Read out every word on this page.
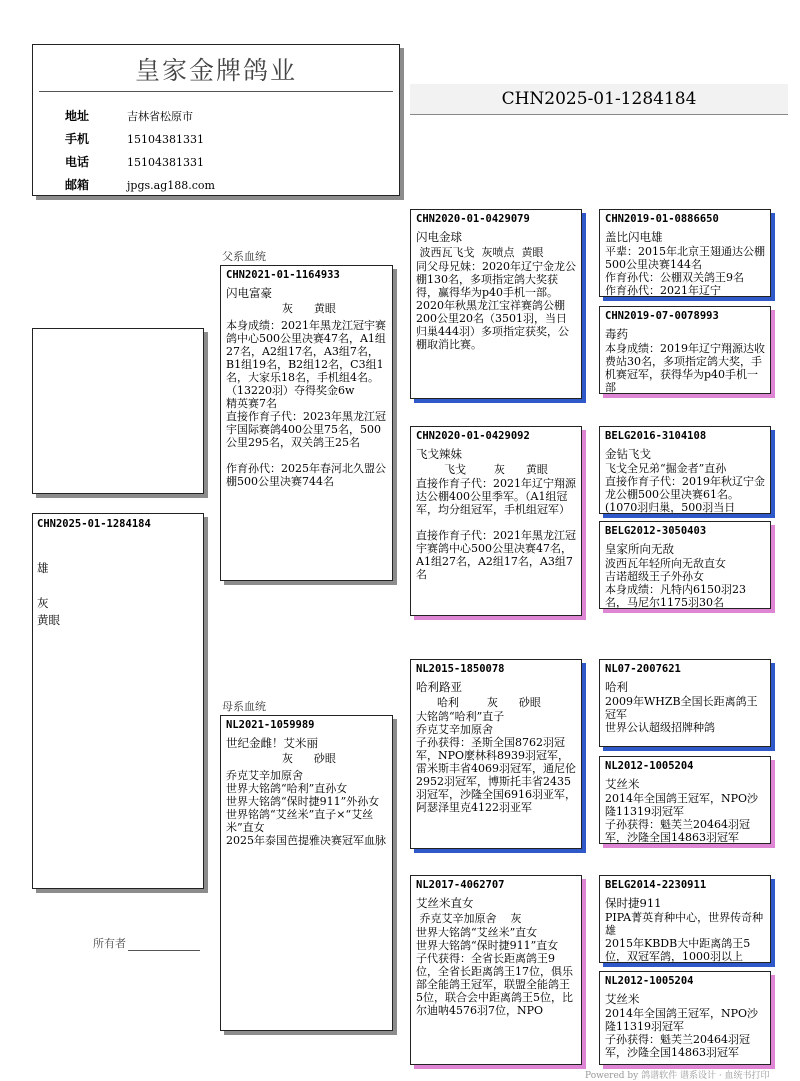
皇家金牌鸽业
地址	吉林省松原市
手机	15104381331
电话	15104381331
邮箱	jpgs.ag188.com
CHN2025-01-1284184
CHN2025-01-1284184
雄
灰
黄眼
父系血统
母系血统
CHN2021-01-1164933
闪电富豪
灰      黄眼
本身成绩：2021年黑龙江冠宇赛鸽中心500公里决赛47名，A1组27名，A2组17名，A3组7名，B1组19名，B2组12名，C3组1名，大家乐18名，手机组4名。（13220羽）夺得奖金6w
精英赛7名
直接作育子代：2023年黑龙江冠宇国际赛鸽400公里75名，500公里295名，双关鸽王25名

作育孙代：2025年春河北久盟公棚500公里决赛744名
NL2021-1059989
世纪金雌！艾米丽
灰      砂眼
乔克艾辛加原舍
世界大铭鸽“哈利”直孙女
世界大铭鸽“保时捷911”外孙女
世界铭鸽“艾丝米”直子×“艾丝米”直女
2025年泰国芭提雅决赛冠军血脉
CHN2020-01-0429079
闪电金球
波西瓦飞戈  灰喷点  黄眼
同父母兄妹：2020年辽宁金龙公棚130名，多项指定鸽大奖获得，赢得华为p40手机一部。
2020年秋黑龙江宝祥赛鸽公棚200公里20名（3501羽，当日归巢444羽）多项指定获奖，公棚取消比赛。
CHN2020-01-0429092
飞戈辣妹
飞戈        灰      黄眼
直接作育子代：2021年辽宁翔源达公棚400公里季军。（A1组冠军，均分组冠军，手机组冠军）

直接作育子代：2021年黑龙江冠宇赛鸽中心500公里决赛47名，A1组27名，A2组17名，A3组7名
NL2015-1850078
哈利路亚
哈利        灰      砂眼
大铭鸽“哈利”直子
乔克艾辛加原舍
子孙获得：圣斯全国8762羽冠军，NPO麼林科8939羽冠军，雷米斯丰省4069羽冠军，通尼伦2952羽冠军，博斯托丰省2435羽冠军，沙隆全国6916羽亚军，阿瑟泽里克4122羽亚军
NL2017-4062707
艾丝米直女
乔克艾辛加原舍    灰
世界大铭鸽“艾丝米”直女
世界大铭鸽“保时捷911”直女
子代获得：全省长距离鸽王9位，全省长距离鸽王17位，俱乐部全能鸽王冠军，联盟全能鸽王5位，联合会中距离鸽王5位，比尔迪呐4576羽7位，NPO
CHN2019-01-0886650
盖比闪电雄
平辈：2015年北京王翅通达公棚500公里决赛144名
作育孙代：公棚双关鸽王9名
作育孙代：2021年辽宁
CHN2019-07-0078993
毒药
本身成绩：2019年辽宁翔源达收费站30名，多项指定鸽大奖，手机赛冠军，获得华为p40手机一部
BELG2016-3104108
金钻飞戈
飞戈全兄弟“掘金者”直孙
直接作育子代：2019年秋辽宁金龙公棚500公里决赛61名。
(1070羽归巢，500羽当日
BELG2012-3050403
皇家所向无敌
波西瓦年轻所向无敌直女
吉诺超级王子外孙女
本身成绩：凡特内6150羽23名，马尼尔1175羽30名
NL07-2007621
哈利
2009年WHZB全国长距离鸽王冠军
世界公认超级招牌种鸽
NL2012-1005204
艾丝米
2014年全国鸽王冠军，NPO沙隆11319羽冠军
子孙获得：魁芙兰20464羽冠军，沙隆全国14863羽冠军
BELG2014-2230911
保时捷911
PIPA菁英育种中心，世界传奇种雄
2015年KBDB大中距离鸽王5位，双冠军鸽，1000羽以上
NL2012-1005204
艾丝米
2014年全国鸽王冠军，NPO沙隆11319羽冠军
子孙获得：魁芙兰20464羽冠军，沙隆全国14863羽冠军
所有者
Powered by 鸽谱软件 谱系设计 · 血统书打印
